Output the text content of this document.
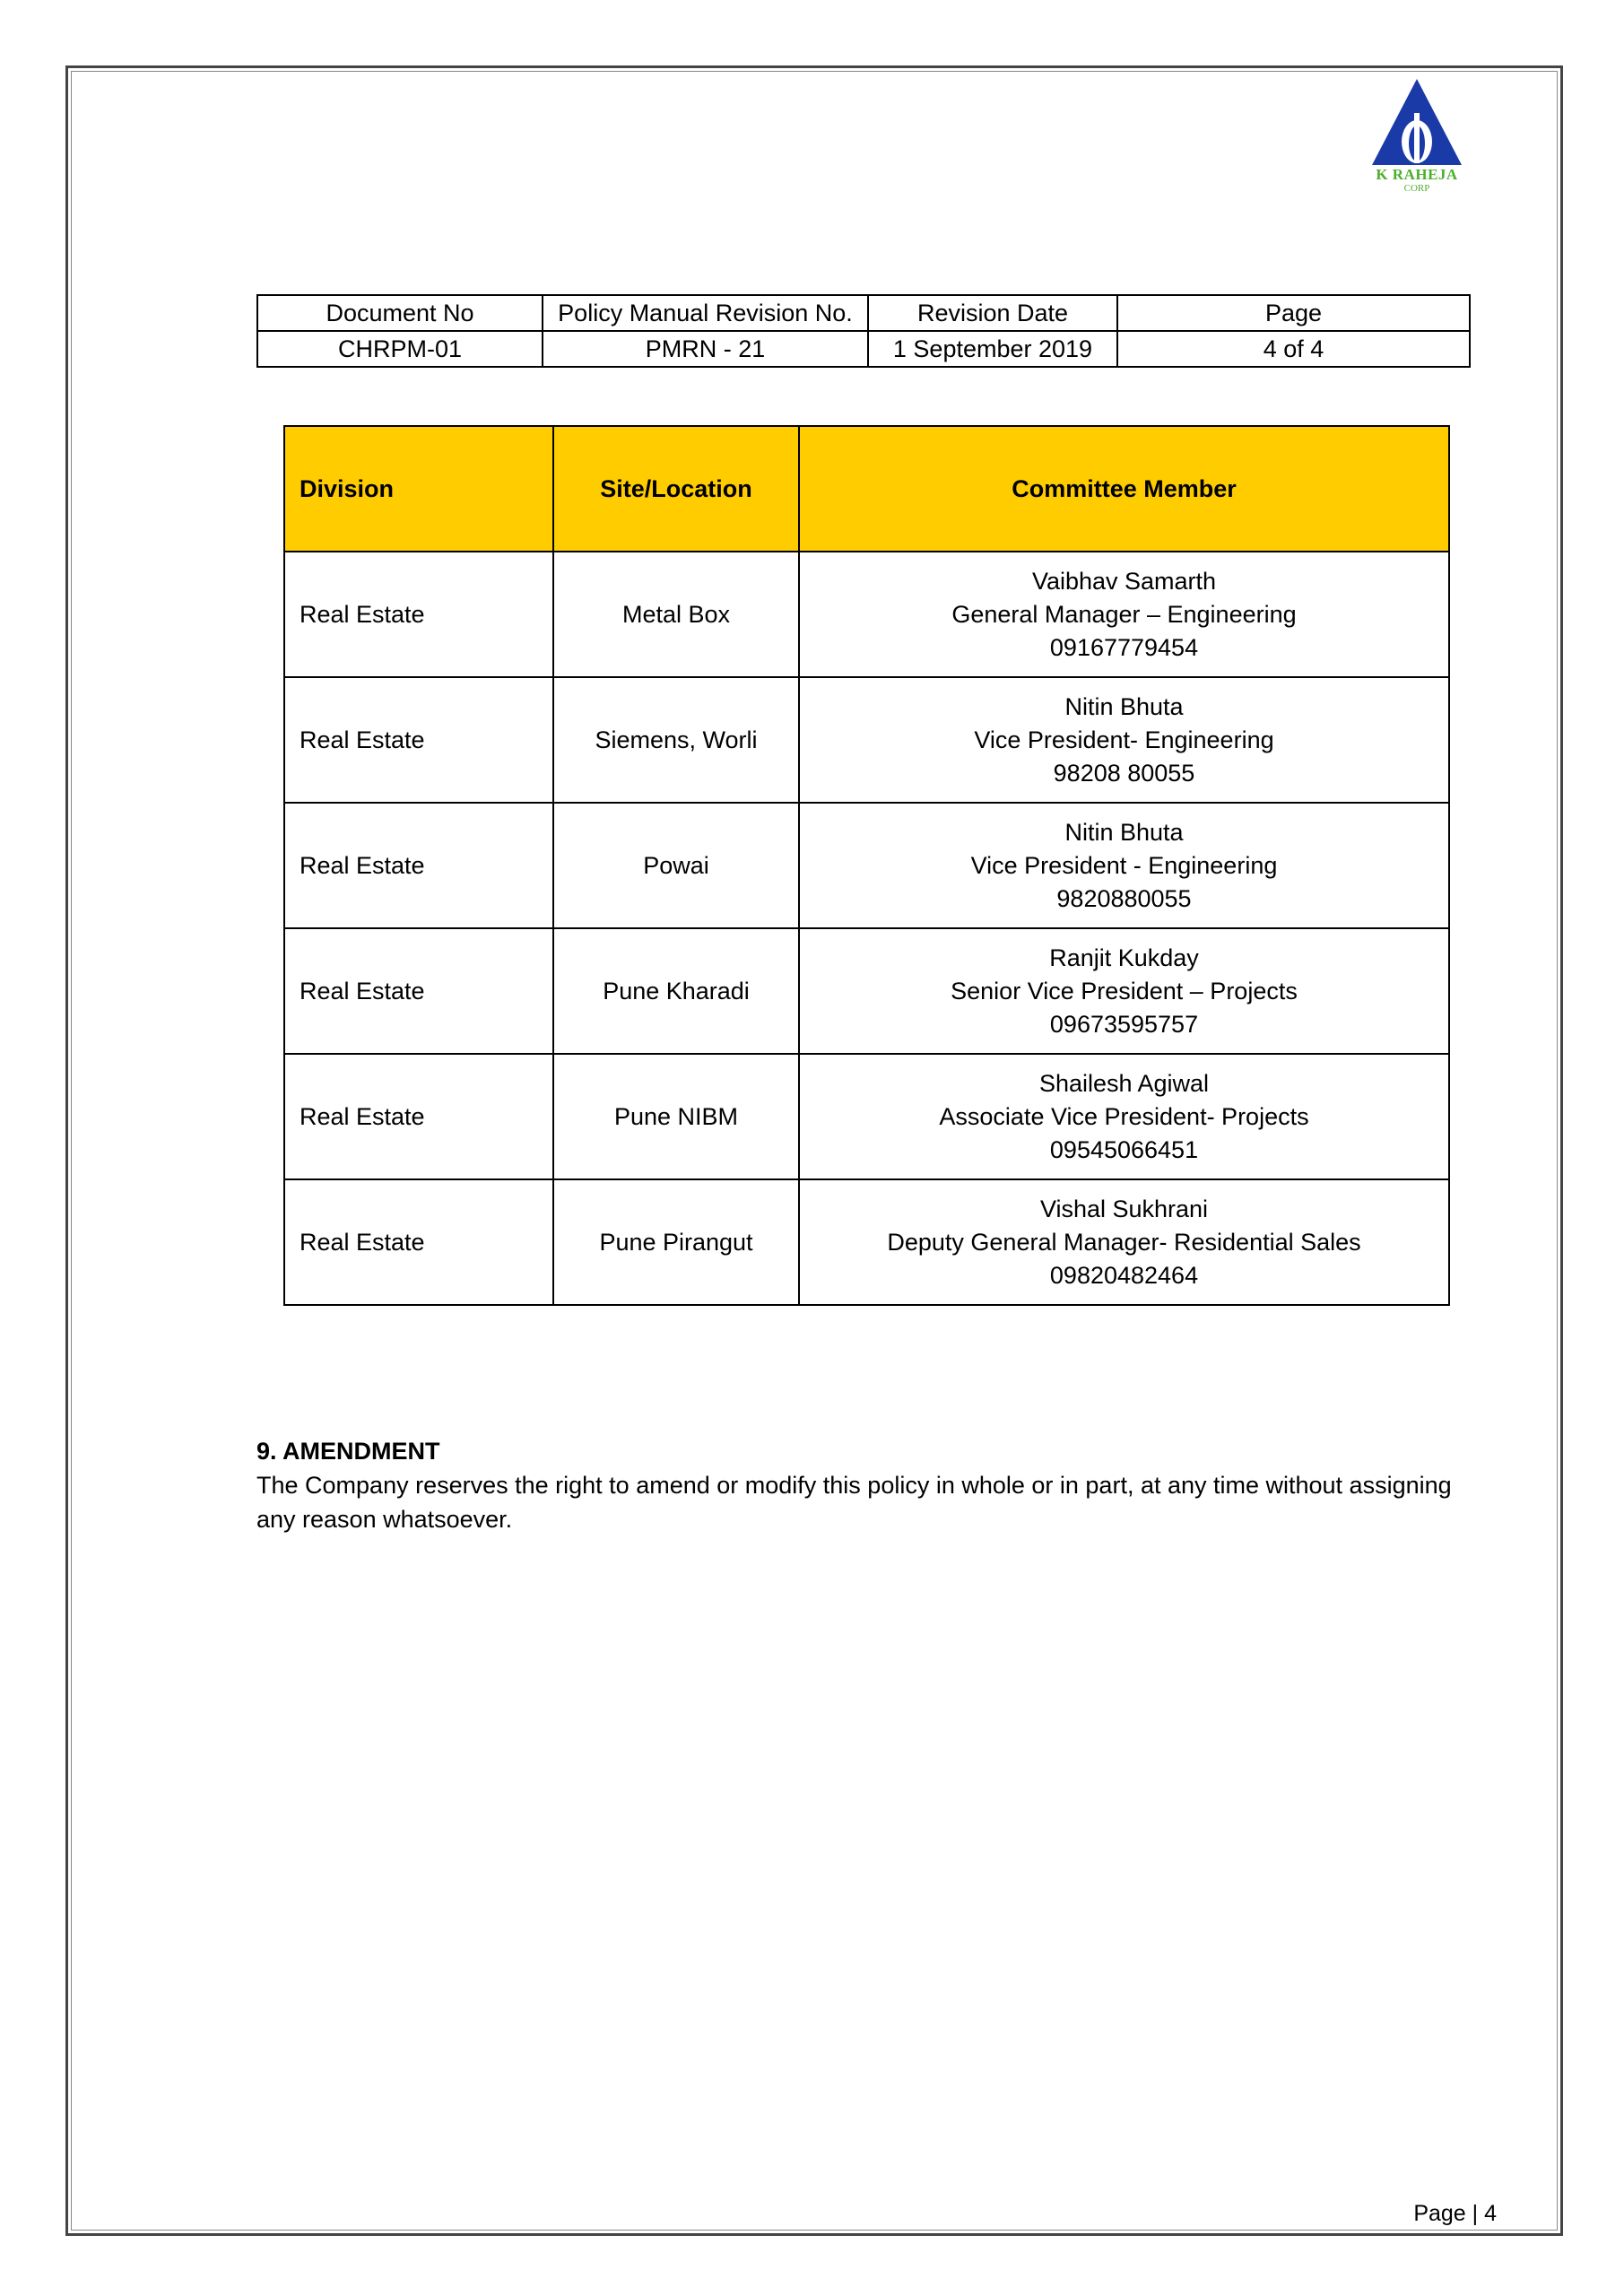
K RAHEJA
CORP
Document No	Policy Manual Revision No.	Revision Date	Page
CHRPM-01	PMRN - 21	1 September 2019	4 of 4
Division	Site/Location	Committee Member
Real Estate	Metal Box	Vaibhav Samarth
General Manager – Engineering
09167779454

Real Estate	Siemens, Worli	Nitin Bhuta
Vice President- Engineering
98208 80055

Real Estate	Powai	Nitin Bhuta
Vice President - Engineering
9820880055

Real Estate	Pune Kharadi	Ranjit Kukday
Senior Vice President – Projects
09673595757

Real Estate	Pune NIBM	Shailesh Agiwal
Associate Vice President- Projects
09545066451

Real Estate	Pune Pirangut	Vishal Sukhrani
Deputy General Manager- Residential Sales
09820482464
9. AMENDMENT
The Company reserves the right to amend or modify this policy in whole or in part, at any time without assigning
any reason whatsoever.
Page | 4
